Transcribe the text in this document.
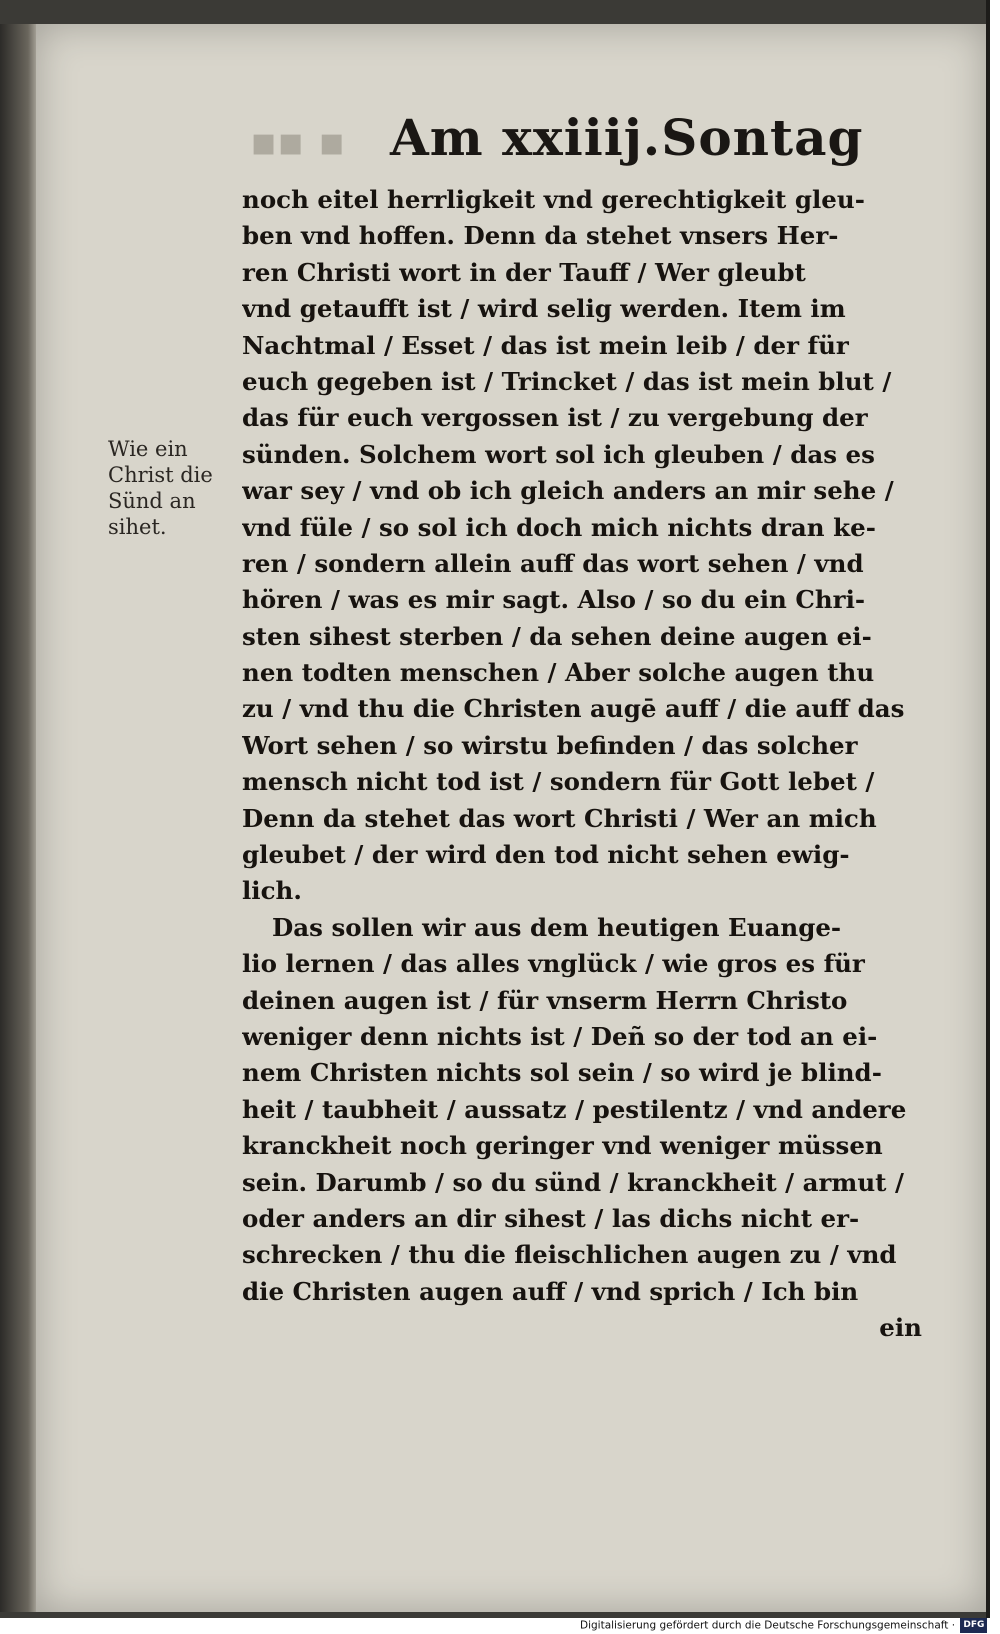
▪▪ ▪ Am xxiiij.Sontag
Wie ein
Christ die
Sünd an
sihet.
noch eitel herrligkeit vnd gerechtigkeit gleu-
ben vnd hoffen. Denn da stehet vnsers Her-
ren Christi wort in der Tauff / Wer gleubt
vnd getaufft ist / wird selig werden. Item im
Nachtmal / Esset / das ist mein leib / der für
euch gegeben ist / Trincket / das ist mein blut /
das für euch vergossen ist / zu vergebung der
sünden. Solchem wort sol ich gleuben / das es
war sey / vnd ob ich gleich anders an mir sehe /
vnd füle / so sol ich doch mich nichts dran ke-
ren / sondern allein auff das wort sehen / vnd
hören / was es mir sagt. Also / so du ein Chri-
sten sihest sterben / da sehen deine augen ei-
nen todten menschen / Aber solche augen thu
zu / vnd thu die Christen augē auff / die auff das
Wort sehen / so wirstu befinden / das solcher
mensch nicht tod ist / sondern für Gott lebet /
Denn da stehet das wort Christi / Wer an mich
gleubet / der wird den tod nicht sehen ewig-
lich.
Das sollen wir aus dem heutigen Euange-
lio lernen / das alles vnglück / wie gros es für
deinen augen ist / für vnserm Herrn Christo
weniger denn nichts ist / Deñ so der tod an ei-
nem Christen nichts sol sein / so wird je blind-
heit / taubheit / aussatz / pestilentz / vnd andere
kranckheit noch geringer vnd weniger müssen
sein. Darumb / so du sünd / kranckheit / armut /
oder anders an dir sihest / las dichs nicht er-
schrecken / thu die fleischlichen augen zu / vnd
die Christen augen auff / vnd sprich / Ich bin
ein
Digitalisierung gefördert durch die Deutsche Forschungsgemeinschaft · DFG
